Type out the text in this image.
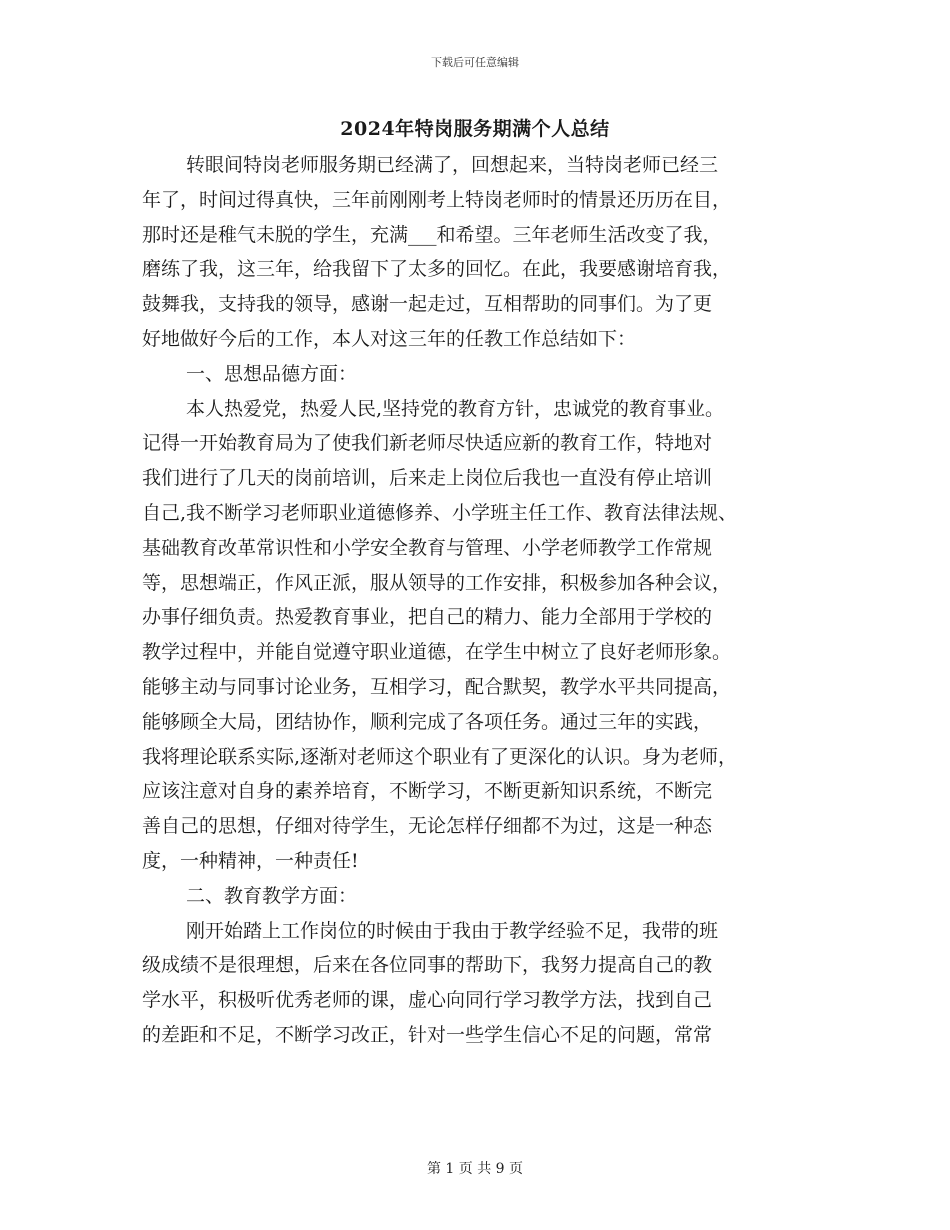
下载后可任意编辑
2024年特岗服务期满个人总结
转眼间特岗老师服务期已经满了，回想起来，当特岗老师已经三
年了，时间过得真快，三年前刚刚考上特岗老师时的情景还历历在目，
那时还是稚气未脱的学生，充满___和希望。三年老师生活改变了我，
磨练了我，这三年，给我留下了太多的回忆。在此，我要感谢培育我，
鼓舞我，支持我的领导，感谢一起走过，互相帮助的同事们。为了更
好地做好今后的工作，本人对这三年的任教工作总结如下：
一、思想品德方面：
本人热爱党，热爱人民,坚持党的教育方针，忠诚党的教育事业。
记得一开始教育局为了使我们新老师尽快适应新的教育工作，特地对
我们进行了几天的岗前培训，后来走上岗位后我也一直没有停止培训
自己,我不断学习老师职业道德修养、小学班主任工作、教育法律法规、
基础教育改革常识性和小学安全教育与管理、小学老师教学工作常规
等，思想端正，作风正派，服从领导的工作安排，积极参加各种会议，
办事仔细负责。热爱教育事业，把自己的精力、能力全部用于学校的
教学过程中，并能自觉遵守职业道德，在学生中树立了良好老师形象。
能够主动与同事讨论业务，互相学习，配合默契，教学水平共同提高，
能够顾全大局，团结协作，顺利完成了各项任务。通过三年的实践，
我将理论联系实际,逐渐对老师这个职业有了更深化的认识。身为老师，
应该注意对自身的素养培育，不断学习，不断更新知识系统，不断完
善自己的思想，仔细对待学生，无论怎样仔细都不为过，这是一种态
度，一种精神，一种责任!
二、教育教学方面：
刚开始踏上工作岗位的时候由于我由于教学经验不足，我带的班
级成绩不是很理想，后来在各位同事的帮助下，我努力提高自己的教
学水平，积极听优秀老师的课，虚心向同行学习教学方法，找到自己
的差距和不足，不断学习改正，针对一些学生信心不足的问题，常常
第 1 页 共 9 页
